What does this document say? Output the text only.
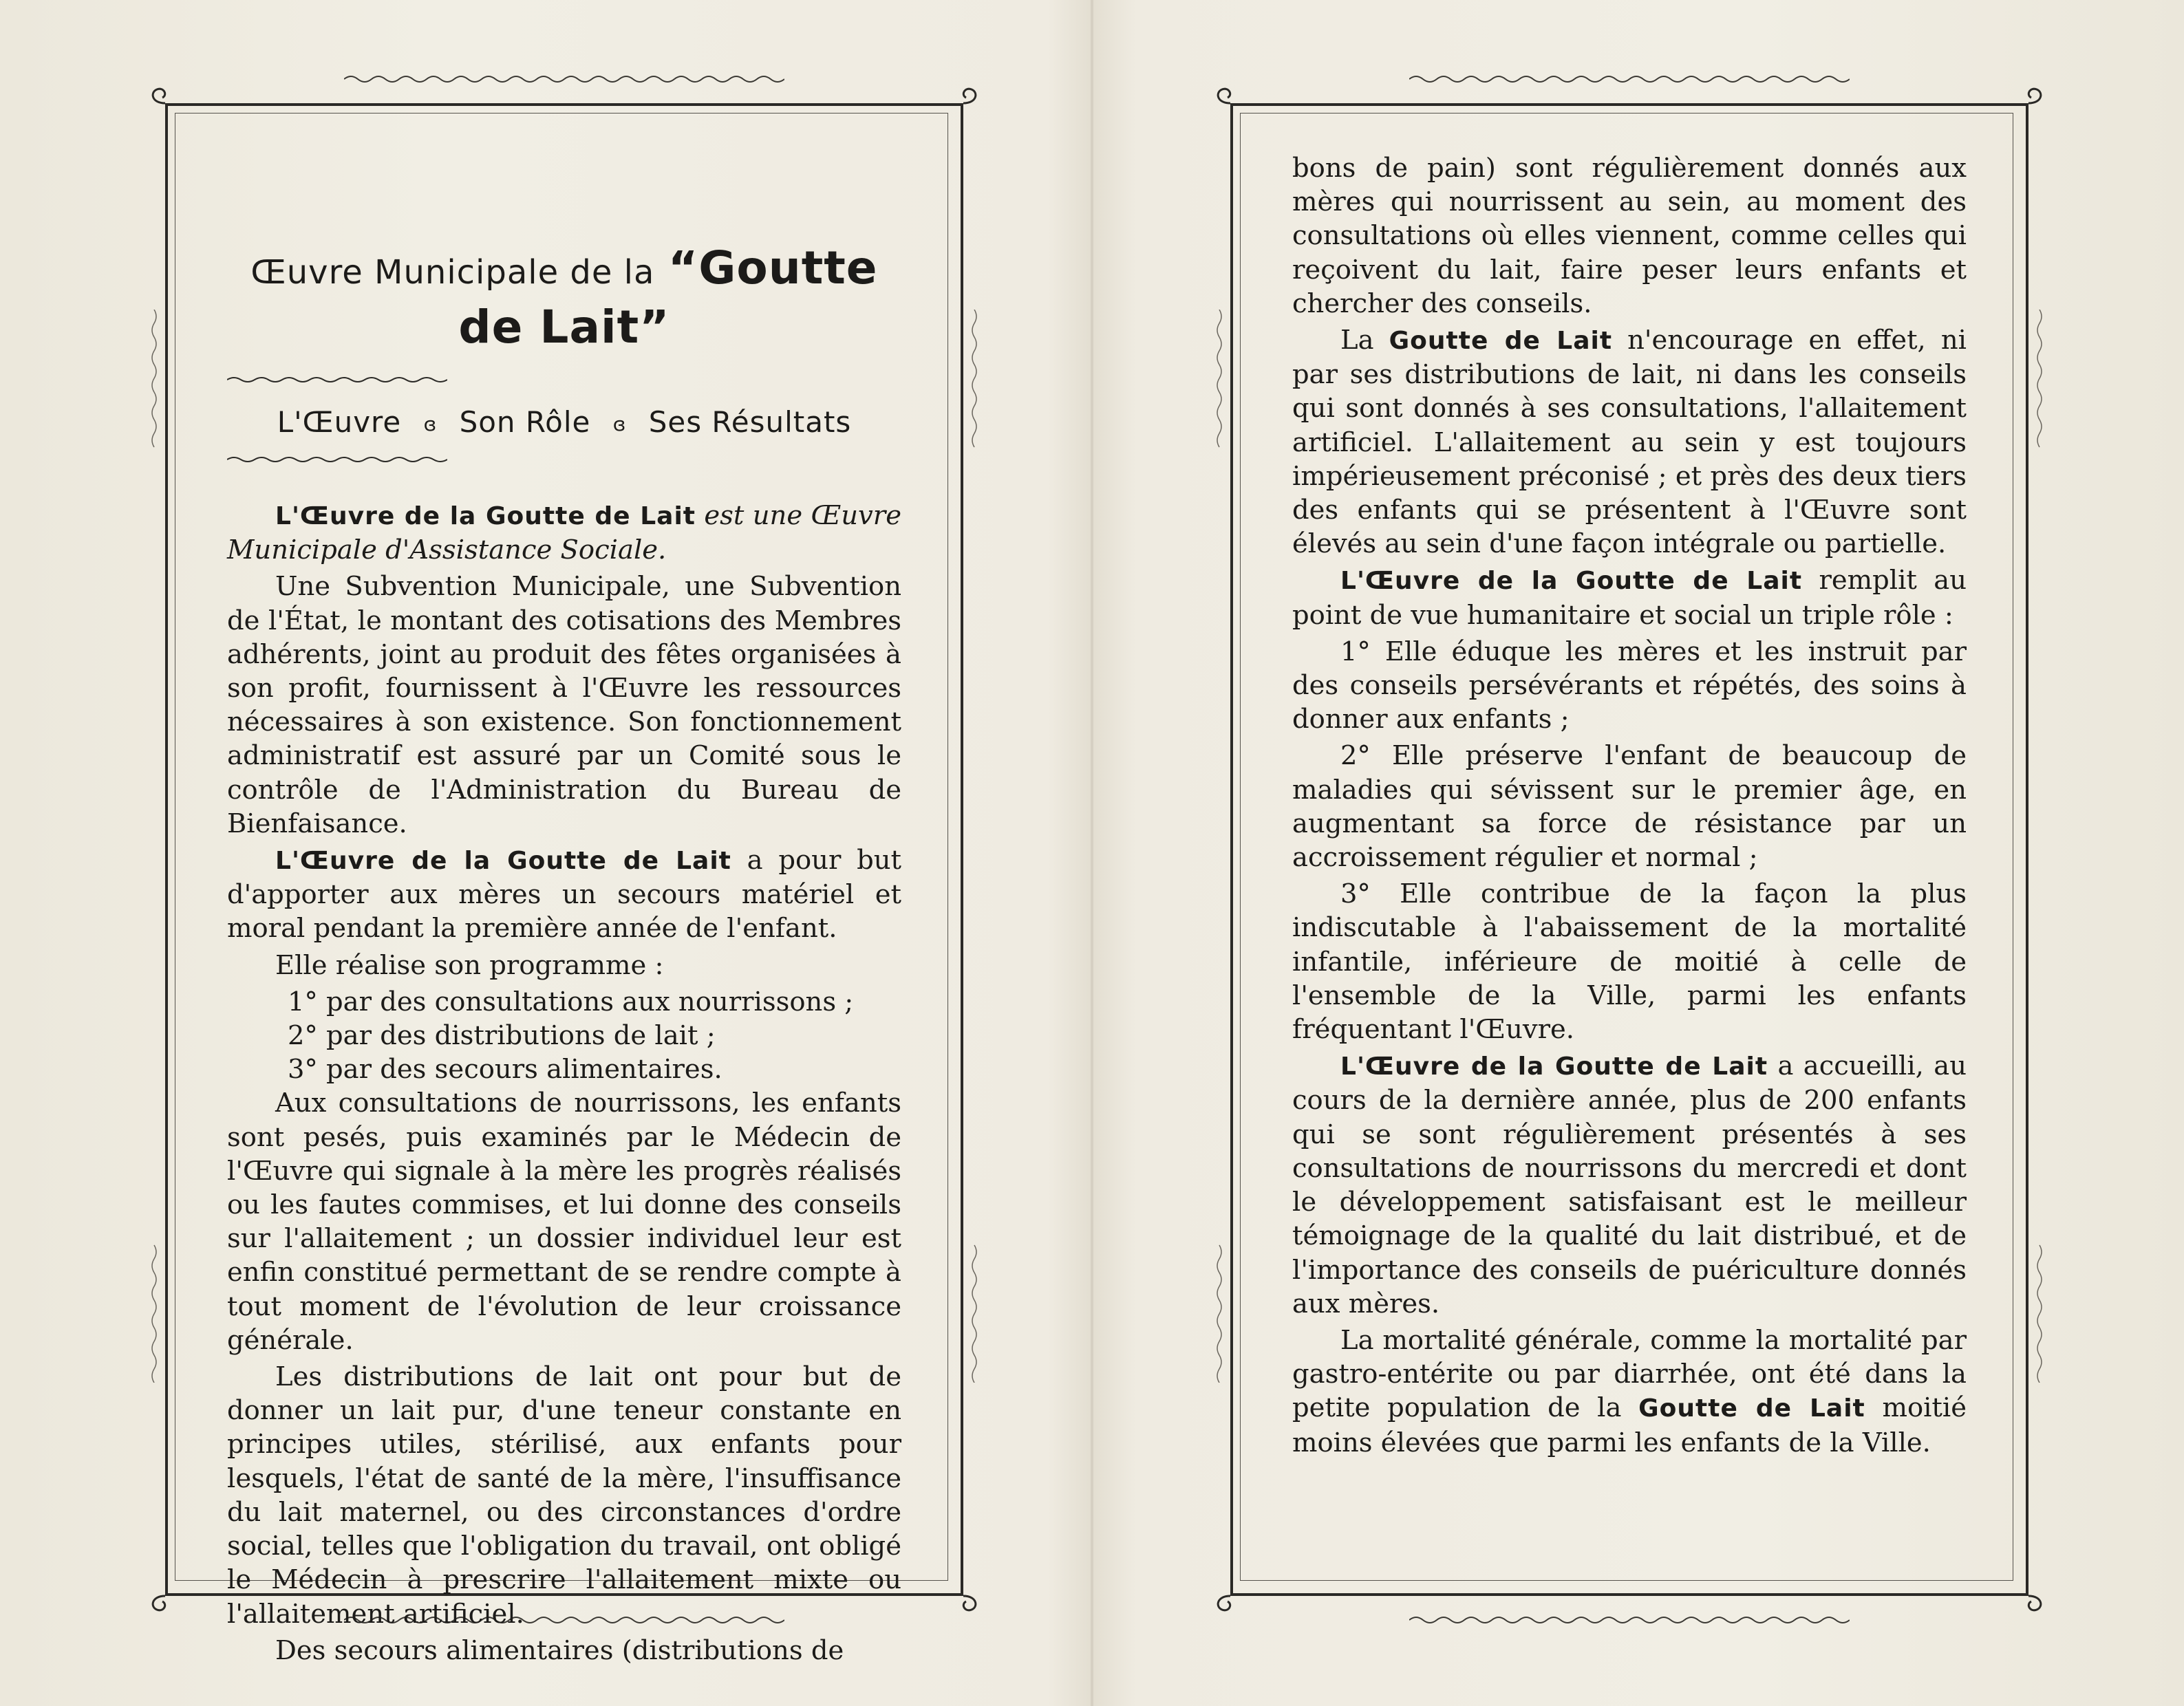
Œuvre Municipale de la “Goutte de Lait”
L'Œuvre ɞ Son Rôle ɞ Ses Résultats

L'Œuvre de la Goutte de Lait est une Œuvre Municipale d'Assistance Sociale.

Une Subvention Municipale, une Subvention de l'État, le montant des cotisations des Membres adhérents, joint au produit des fêtes organisées à son profit, fournissent à l'Œuvre les ressources nécessaires à son existence. Son fonctionnement administratif est assuré par un Comité sous le contrôle de l'Administration du Bureau de Bienfaisance.

L'Œuvre de la Goutte de Lait a pour but d'apporter aux mères un secours matériel et moral pendant la première année de l'enfant.

Elle réalise son programme :

1° par des consultations aux nourrissons ;

2° par des distributions de lait ;

3° par des secours alimentaires.

Aux consultations de nourrissons, les enfants sont pesés, puis examinés par le Médecin de l'Œuvre qui signale à la mère les progrès réalisés ou les fautes commises, et lui donne des conseils sur l'allaitement ; un dossier individuel leur est enfin constitué permettant de se rendre compte à tout moment de l'évolution de leur croissance générale.

Les distributions de lait ont pour but de donner un lait pur, d'une teneur constante en principes utiles, stérilisé, aux enfants pour lesquels, l'état de santé de la mère, l'insuffisance du lait maternel, ou des circonstances d'ordre social, telles que l'obligation du travail, ont obligé le Médecin à prescrire l'allaitement mixte ou l'allaitement artificiel.

Des secours alimentaires (distributions de

bons de pain) sont régulièrement donnés aux mères qui nourrissent au sein, au moment des consultations où elles viennent, comme celles qui reçoivent du lait, faire peser leurs enfants et chercher des conseils.

La Goutte de Lait n'encourage en effet, ni par ses distributions de lait, ni dans les conseils qui sont donnés à ses consultations, l'allaitement artificiel. L'allaitement au sein y est toujours impérieusement préconisé ; et près des deux tiers des enfants qui se présentent à l'Œuvre sont élevés au sein d'une façon intégrale ou partielle.

L'Œuvre de la Goutte de Lait remplit au point de vue humanitaire et social un triple rôle :

1° Elle éduque les mères et les instruit par des conseils persévérants et répétés, des soins à donner aux enfants ;

2° Elle préserve l'enfant de beaucoup de maladies qui sévissent sur le premier âge, en augmentant sa force de résistance par un accroissement régulier et normal ;

3° Elle contribue de la façon la plus indiscutable à l'abaissement de la mortalité infantile, inférieure de moitié à celle de l'ensemble de la Ville, parmi les enfants fréquentant l'Œuvre.

L'Œuvre de la Goutte de Lait a accueilli, au cours de la dernière année, plus de 200 enfants qui se sont régulièrement présentés à ses consultations de nourrissons du mercredi et dont le développement satisfaisant est le meilleur témoignage de la qualité du lait distribué, et de l'importance des conseils de puériculture donnés aux mères.

La mortalité générale, comme la mortalité par gastro-entérite ou par diarrhée, ont été dans la petite population de la Goutte de Lait moitié moins élevées que parmi les enfants de la Ville.
